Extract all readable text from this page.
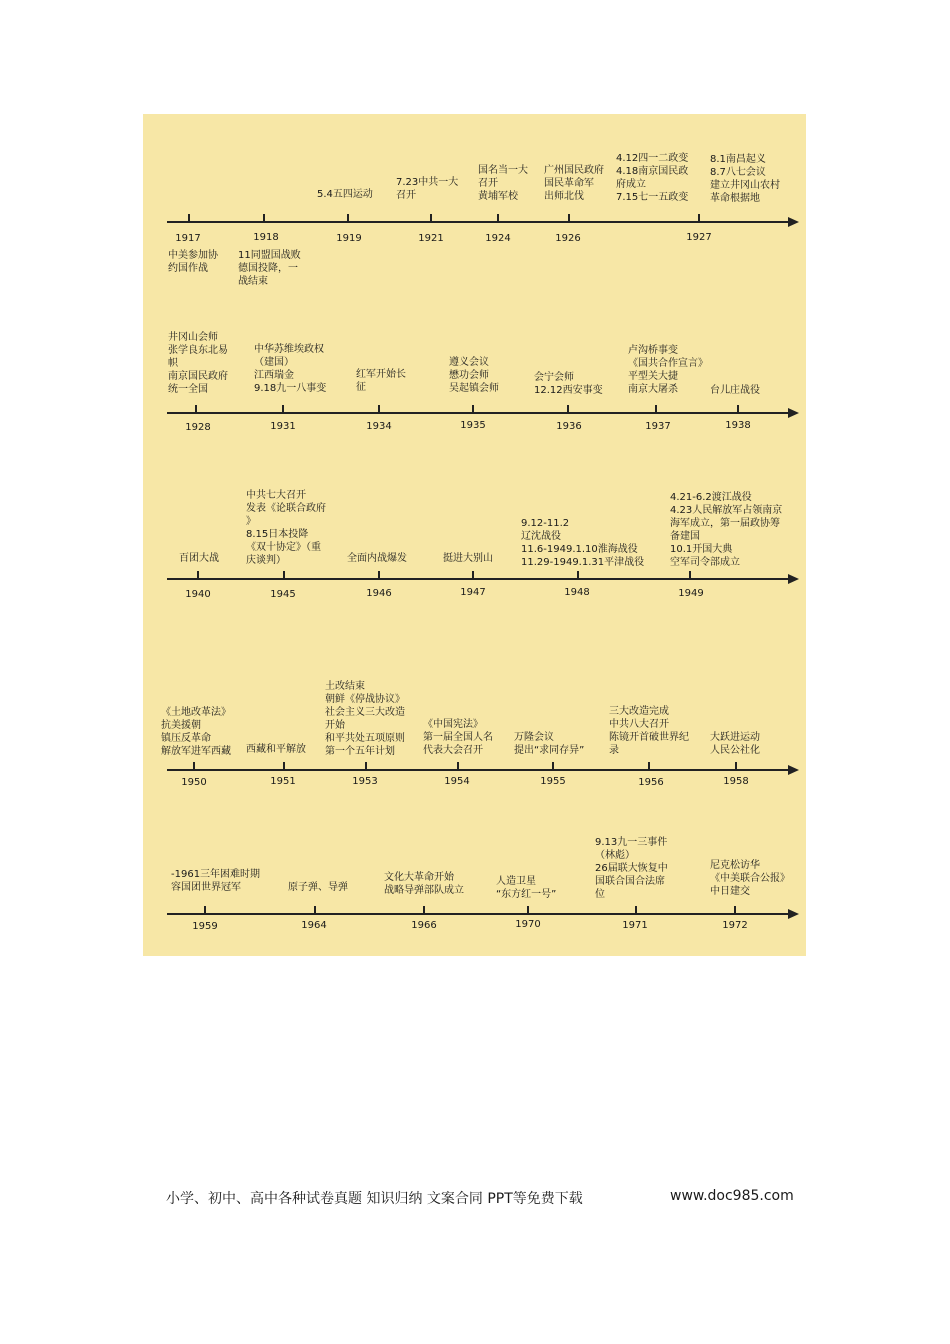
1917	1918	1919	1921	1924	1926	1927
5.4五四运动
7.23中共一大
召开
国名当一大
召开
黄埔军校
广州国民政府
国民革命军
出师北伐
4.12四一二政变
4.18南京国民政
府成立
7.15七一五政变
8.1南昌起义
8.7八七会议
建立井冈山农村
革命根据地
中美参加协
约国作战
11同盟国战败
德国投降，一
战结束
1928	1931	1934	1935	1936	1937	1938
井冈山会师
张学良东北易
帜
南京国民政府
统一全国
中华苏维埃政权
（建国）
江西瑞金
9.18九一八事变
红军开始长
征
遵义会议
懋功会师
吴起镇会师
会宁会师
12.12西安事变
卢沟桥事变
《国共合作宣言》
平型关大捷
南京大屠杀	台儿庄战役
1940	1945	1946	1947	1948	1949
百团大战
中共七大召开
发表《论联合政府
》
8.15日本投降
《双十协定》（重
庆谈判）	全面内战爆发	挺进大别山
9.12-11.2
辽沈战役
11.6-1949.1.10淮海战役
11.29-1949.1.31平津战役
4.21-6.2渡江战役
4.23人民解放军占领南京
海军成立，第一届政协筹
备建国
10.1开国大典
空军司令部成立
1950	1951	1953	1954	1955	1956	1958
《土地改革法》
抗美援朝
镇压反革命
解放军进军西藏 西藏和平解放
土改结束
朝鲜《停战协议》
社会主义三大改造
开始
和平共处五项原则
第一个五年计划
《中国宪法》
第一届全国人名
代表大会召开
万隆会议
提出“求同存异”
三大改造完成
中共八大召开
陈镜开首破世界纪
录
大跃进运动
人民公社化
1959	1964	1966	1970	1971	1972
-1961三年困难时期
容国团世界冠军	原子弹、导弹
文化大革命开始
战略导弹部队成立
人造卫星
“东方红一号”
9.13九一三事件
（林彪）
26届联大恢复中
国联合国合法席
位
尼克松访华
《中美联合公报》
中日建交
小学、初中、高中各种试卷真题 知识归纳 文案合同 PPT等免费下载	www.doc985.com
